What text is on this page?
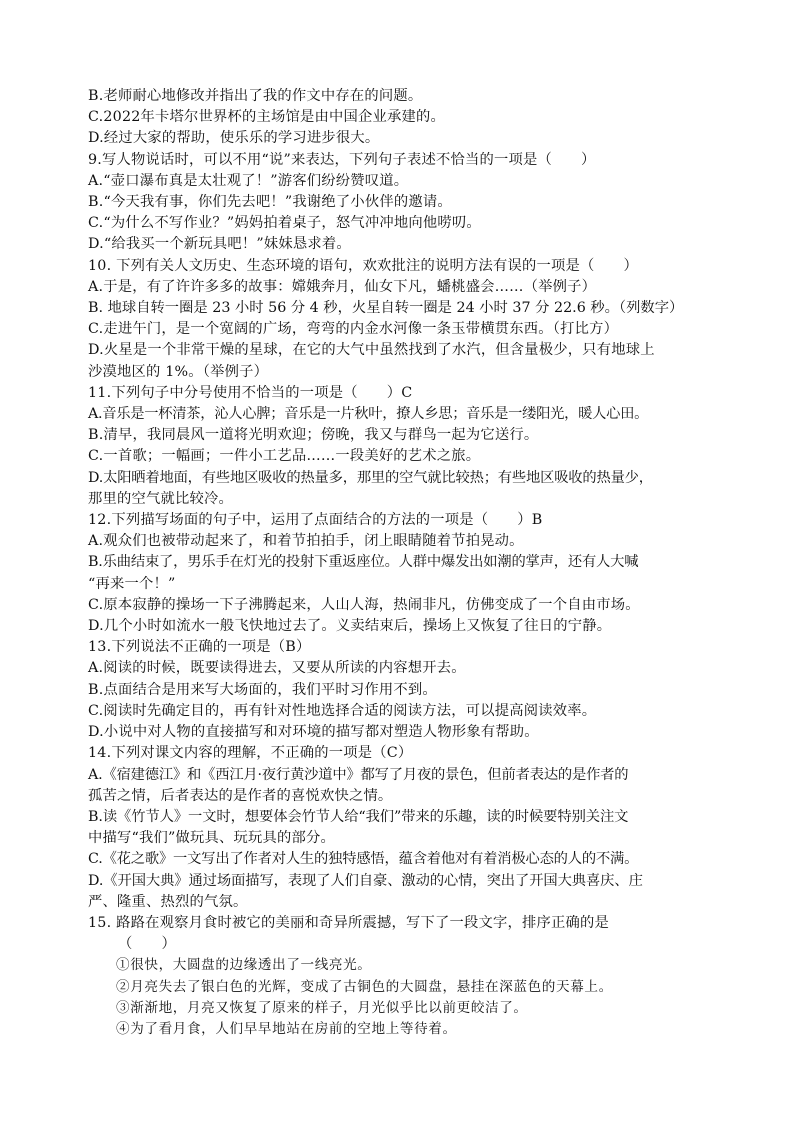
B.老师耐心地修改并指出了我的作文中存在的问题。
C.2022年卡塔尔世界杯的主场馆是由中国企业承建的。
D.经过大家的帮助，使乐乐的学习进步很大。
9.写人物说话时，可以不用“说”来表达，下列句子表述不恰当的一项是（　　）
A.“壶口瀑布真是太壮观了！”游客们纷纷赞叹道。
B.“今天我有事，你们先去吧！”我谢绝了小伙伴的邀请。
C.“为什么不写作业？”妈妈拍着桌子，怒气冲冲地向他唠叨。
D.“给我买一个新玩具吧！”妹妹恳求着。
10. 下列有关人文历史、生态环境的语句，欢欢批注的说明方法有误的一项是（　　）
A.于是，有了许许多多的故事：嫦娥奔月，仙女下凡，蟠桃盛会……（举例子）
B. 地球自转一圈是 23 小时 56 分 4 秒，火星自转一圈是 24 小时 37 分 22.6 秒。（列数字）
C.走进午门，是一个宽阔的广场，弯弯的内金水河像一条玉带横贯东西。（打比方）
D.火星是一个非常干燥的星球，在它的大气中虽然找到了水汽，但含量极少，只有地球上
沙漠地区的 1%。（举例子）
11.下列句子中分号使用不恰当的一项是（　　）C
A.音乐是一杯清茶，沁人心脾；音乐是一片秋叶，撩人乡思；音乐是一缕阳光，暖人心田。
B.清早，我同晨风一道将光明欢迎；傍晚，我又与群鸟一起为它送行。
C.一首歌；一幅画；一件小工艺品……一段美好的艺术之旅。
D.太阳晒着地面，有些地区吸收的热量多，那里的空气就比较热；有些地区吸收的热量少，
那里的空气就比较冷。
12.下列描写场面的句子中，运用了点面结合的方法的一项是（　　）B
A.观众们也被带动起来了，和着节拍拍手，闭上眼睛随着节拍晃动。
B.乐曲结束了，男乐手在灯光的投射下重返座位。人群中爆发出如潮的掌声，还有人大喊
“再来一个！”
C.原本寂静的操场一下子沸腾起来，人山人海，热闹非凡，仿佛变成了一个自由市场。
D.几个小时如流水一般飞快地过去了。义卖结束后，操场上又恢复了往日的宁静。
13.下列说法不正确的一项是（B）
A.阅读的时候，既要读得进去，又要从所读的内容想开去。
B.点面结合是用来写大场面的，我们平时习作用不到。
C.阅读时先确定目的，再有针对性地选择合适的阅读方法，可以提高阅读效率。
D.小说中对人物的直接描写和对环境的描写都对塑造人物形象有帮助。
14.下列对课文内容的理解，不正确的一项是（C）
A.《宿建德江》和《西江月·夜行黄沙道中》都写了月夜的景色，但前者表达的是作者的
孤苦之情，后者表达的是作者的喜悦欢快之情。
B.读《竹节人》一文时，想要体会竹节人给“我们”带来的乐趣，读的时候要特别关注文
中描写“我们”做玩具、玩玩具的部分。
C.《花之歌》一文写出了作者对人生的独特感悟，蕴含着他对有着消极心态的人的不满。
D.《开国大典》通过场面描写，表现了人们自豪、激动的心情，突出了开国大典喜庆、庄
严、隆重、热烈的气氛。
15. 路路在观察月食时被它的美丽和奇异所震撼，写下了一段文字，排序正确的是
（　　）
①很快，大圆盘的边缘透出了一线亮光。
②月亮失去了银白色的光辉，变成了古铜色的大圆盘，悬挂在深蓝色的天幕上。
③渐渐地，月亮又恢复了原来的样子，月光似乎比以前更皎洁了。
④为了看月食，人们早早地站在房前的空地上等待着。
